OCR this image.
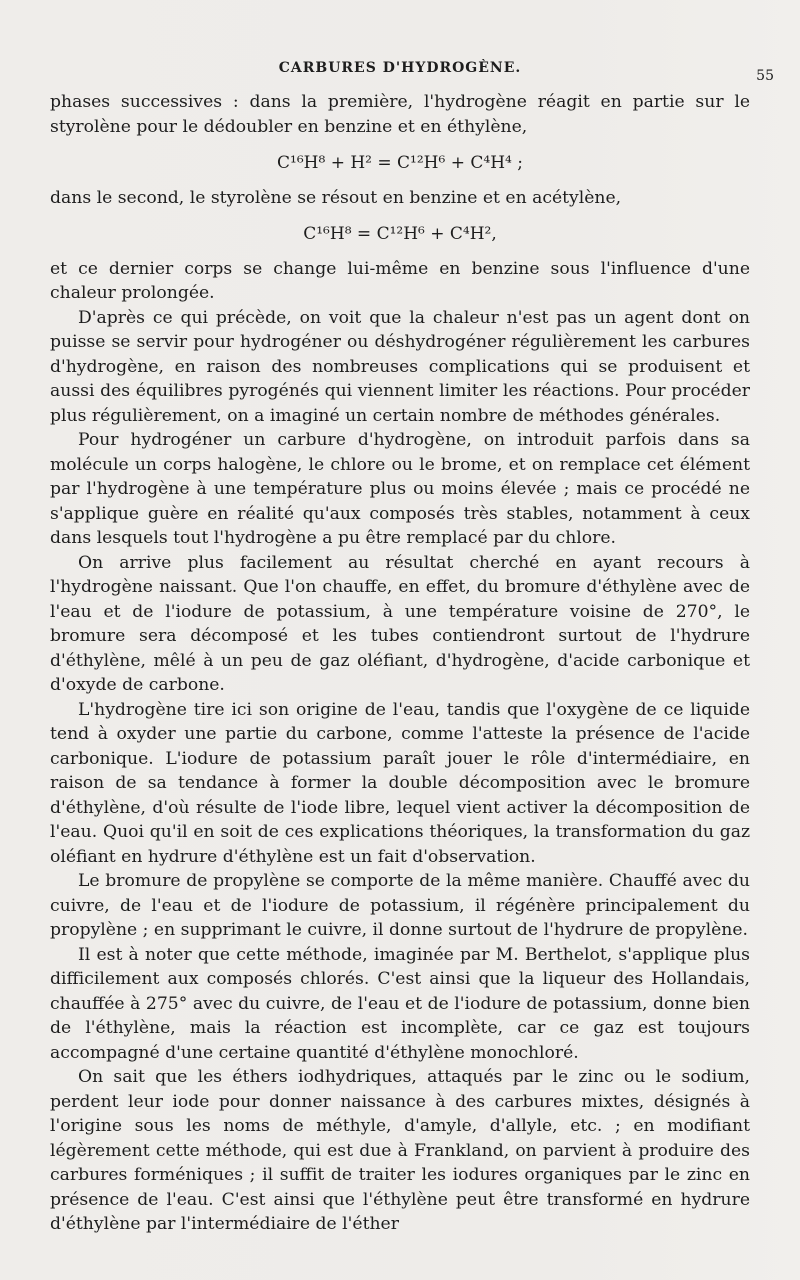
CARBURES D'HYDROGÈNE.	55

phases successives : dans la première, l'hydrogène réagit en partie sur le styrolène pour le dédoubler en benzine et en éthylène,

C¹⁶H⁸ + H² = C¹²H⁶ + C⁴H⁴ ;

dans le second, le styrolène se résout en benzine et en acétylène,

C¹⁶H⁸ = C¹²H⁶ + C⁴H²,

et ce dernier corps se change lui-même en benzine sous l'influence d'une chaleur prolongée.

D'après ce qui précède, on voit que la chaleur n'est pas un agent dont on puisse se servir pour hydrogéner ou déshydrogéner régulièrement les carbures d'hydrogène, en raison des nombreuses complications qui se produisent et aussi des équilibres pyrogénés qui viennent limiter les réactions. Pour procéder plus régulièrement, on a imaginé un certain nombre de méthodes générales.

Pour hydrogéner un carbure d'hydrogène, on introduit parfois dans sa molécule un corps halogène, le chlore ou le brome, et on remplace cet élément par l'hydrogène à une température plus ou moins élevée ; mais ce procédé ne s'applique guère en réalité qu'aux composés très stables, notamment à ceux dans lesquels tout l'hydrogène a pu être remplacé par du chlore.

On arrive plus facilement au résultat cherché en ayant recours à l'hydrogène naissant. Que l'on chauffe, en effet, du bromure d'éthylène avec de l'eau et de l'iodure de potassium, à une température voisine de 270°, le bromure sera décomposé et les tubes contiendront surtout de l'hydrure d'éthylène, mêlé à un peu de gaz oléfiant, d'hydrogène, d'acide carbonique et d'oxyde de carbone.

L'hydrogène tire ici son origine de l'eau, tandis que l'oxygène de ce liquide tend à oxyder une partie du carbone, comme l'atteste la présence de l'acide carbonique. L'iodure de potassium paraît jouer le rôle d'intermédiaire, en raison de sa tendance à former la double décomposition avec le bromure d'éthylène, d'où résulte de l'iode libre, lequel vient activer la décomposition de l'eau. Quoi qu'il en soit de ces explications théoriques, la transformation du gaz oléfiant en hydrure d'éthylène est un fait d'observation.

Le bromure de propylène se comporte de la même manière. Chauffé avec du cuivre, de l'eau et de l'iodure de potassium, il régénère principalement du propylène ; en supprimant le cuivre, il donne surtout de l'hydrure de propylène.

Il est à noter que cette méthode, imaginée par M. Berthelot, s'applique plus difficilement aux composés chlorés. C'est ainsi que la liqueur des Hollandais, chauffée à 275° avec du cuivre, de l'eau et de l'iodure de potassium, donne bien de l'éthylène, mais la réaction est incomplète, car ce gaz est toujours accompagné d'une certaine quantité d'éthylène monochloré.

On sait que les éthers iodhydriques, attaqués par le zinc ou le sodium, perdent leur iode pour donner naissance à des carbures mixtes, désignés à l'origine sous les noms de méthyle, d'amyle, d'allyle, etc. ; en modifiant légèrement cette méthode, qui est due à Frankland, on parvient à produire des carbures forméniques ; il suffit de traiter les iodures organiques par le zinc en présence de l'eau. C'est ainsi que l'éthylène peut être transformé en hydrure d'éthylène par l'intermédiaire de l'éther
